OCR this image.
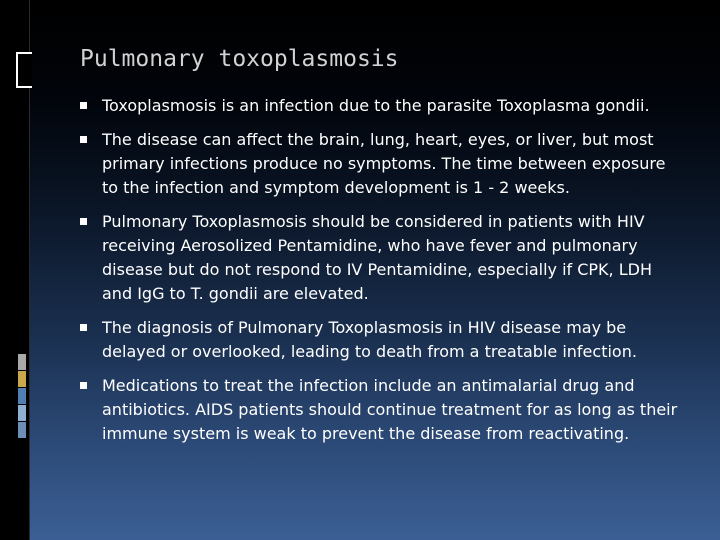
Pulmonary toxoplasmosis
Toxoplasmosis is an infection due to the parasite Toxoplasma gondii.
The disease can affect the brain, lung, heart, eyes, or liver, but most primary infections produce no symptoms. The time between exposure to the infection and symptom development is 1 - 2 weeks.
Pulmonary Toxoplasmosis should be considered in patients with HIV receiving Aerosolized Pentamidine, who have fever and pulmonary disease but do not respond to IV Pentamidine, especially if CPK, LDH and IgG to T. gondii are elevated.
The diagnosis of Pulmonary Toxoplasmosis in HIV disease may be delayed or overlooked, leading to death from a treatable infection.
Medications to treat the infection include an antimalarial drug and antibiotics. AIDS patients should continue treatment for as long as their immune system is weak to prevent the disease from reactivating.
